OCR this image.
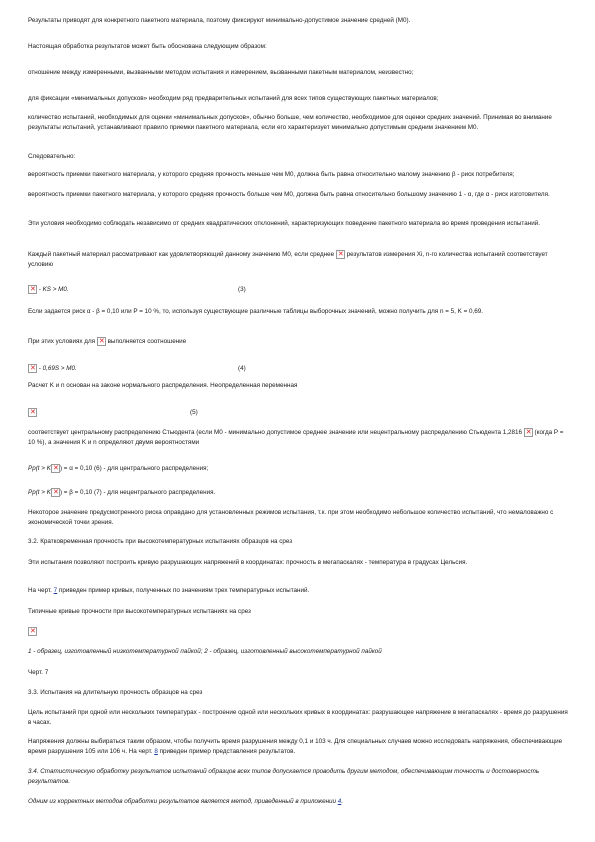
Результаты приводят для конкретного пакетного материала, поэтому фиксируют минимально-допустимое значение средней (M0).

Настоящая обработка результатов может быть обоснована следующим образом:

отношение между измеренными, вызванными методом испытания и измерением, вызванными пакетным материалом, неизвестно;

для фиксации «минимальных допусков» необходим ряд предварительных испытаний для всех типов существующих пакетных материалов;

количество испытаний, необходимых для оценки «минимальных допусков», обычно больше, чем количество, необходимое для оценки средних значений. Принимая во внимание результаты испытаний, устанавливают правило приемки пакетного материала, если его характеризует минимально допустимым средним значением M0.

Следовательно:

вероятность приемки пакетного материала, у которого средняя прочность меньше чем M0, должна быть равна относительно малому значению β - риск потребителя;

вероятность приемки пакетного материала, у которого средняя прочность больше чем M0, должна быть равна относительно большому значению 1 - α, где α - риск изготовителя.

Эти условия необходимо соблюдать независимо от средних квадратических отклонений, характеризующих поведение пакетного материала во время проведения испытаний.

Каждый пакетный материал рассматривают как удовлетворяющий данному значению M0, если среднее ✕ результатов измерения Xi, n-го количества испытаний соответствует условию

✕ - KS > M0.	(3)

Если задается риск α - β = 0,10 или P = 10 %, то, используя существующие различные таблицы выборочных значений, можно получить для n = 5, K = 0,69.

При этих условиях для ✕ выполняется соотношение

✕ - 0,69S > M0.	(4)

Расчет K и n основан на законе нормального распределения. Неопределенная переменная

✕
(5)

соответствует центральному распределению Стьюдента (если M0 - минимально допустимое среднее значение или нецентральному распределению Стьюдента 1,2816 ✕ (когда P = 10 %), а значения K и n определяют двумя вероятностями

Pp(t > K ✕ ) = α = 0,10 (6) - для центрального распределения;

Pp(t > K ✕ ) = β = 0,10 (7) - для нецентрального распределения.

Некоторое значение предусмотренного риска оправдано для установленных режимов испытания, т.к. при этом необходимо небольшое количество испытаний, что немаловажно с экономической точки зрения.

3.2. Кратковременная прочность при высокотемпературных испытаниях образцов на срез

Эти испытания позволяют построить кривую разрушающих напряжений в координатах: прочность в мегапаскалях - температура в градусах Цельсия.

На черт. 7 приведен пример кривых, полученных по значениям трех температурных испытаний.

Типичные кривые прочности при высокотемпературных испытаниях на срез

✕

1 - образец, изготовленный низкотемпературной пайкой; 2 - образец, изготовленный высокотемпературной пайкой

Черт. 7

3.3. Испытания на длительную прочность образцов на срез

Цель испытаний при одной или нескольких температурах - построение одной или нескольких кривых в координатах: разрушающее напряжение в мегапаскалях - время до разрушения в часах.

Напряжения должны выбираться таким образом, чтобы получить время разрушения между 0,1 и 103 ч. Для специальных случаев можно исследовать напряжения, обеспечивающие время разрушения 105 или 106 ч. На черт. 8 приведен пример представления результатов.

3.4. Статистическую обработку результатов испытаний образцов всех типов допускается проводить другим методом, обеспечивающим точность и достоверность результатов.

Одним из корректных методов обработки результатов является метод, приведенный в приложении 4.
